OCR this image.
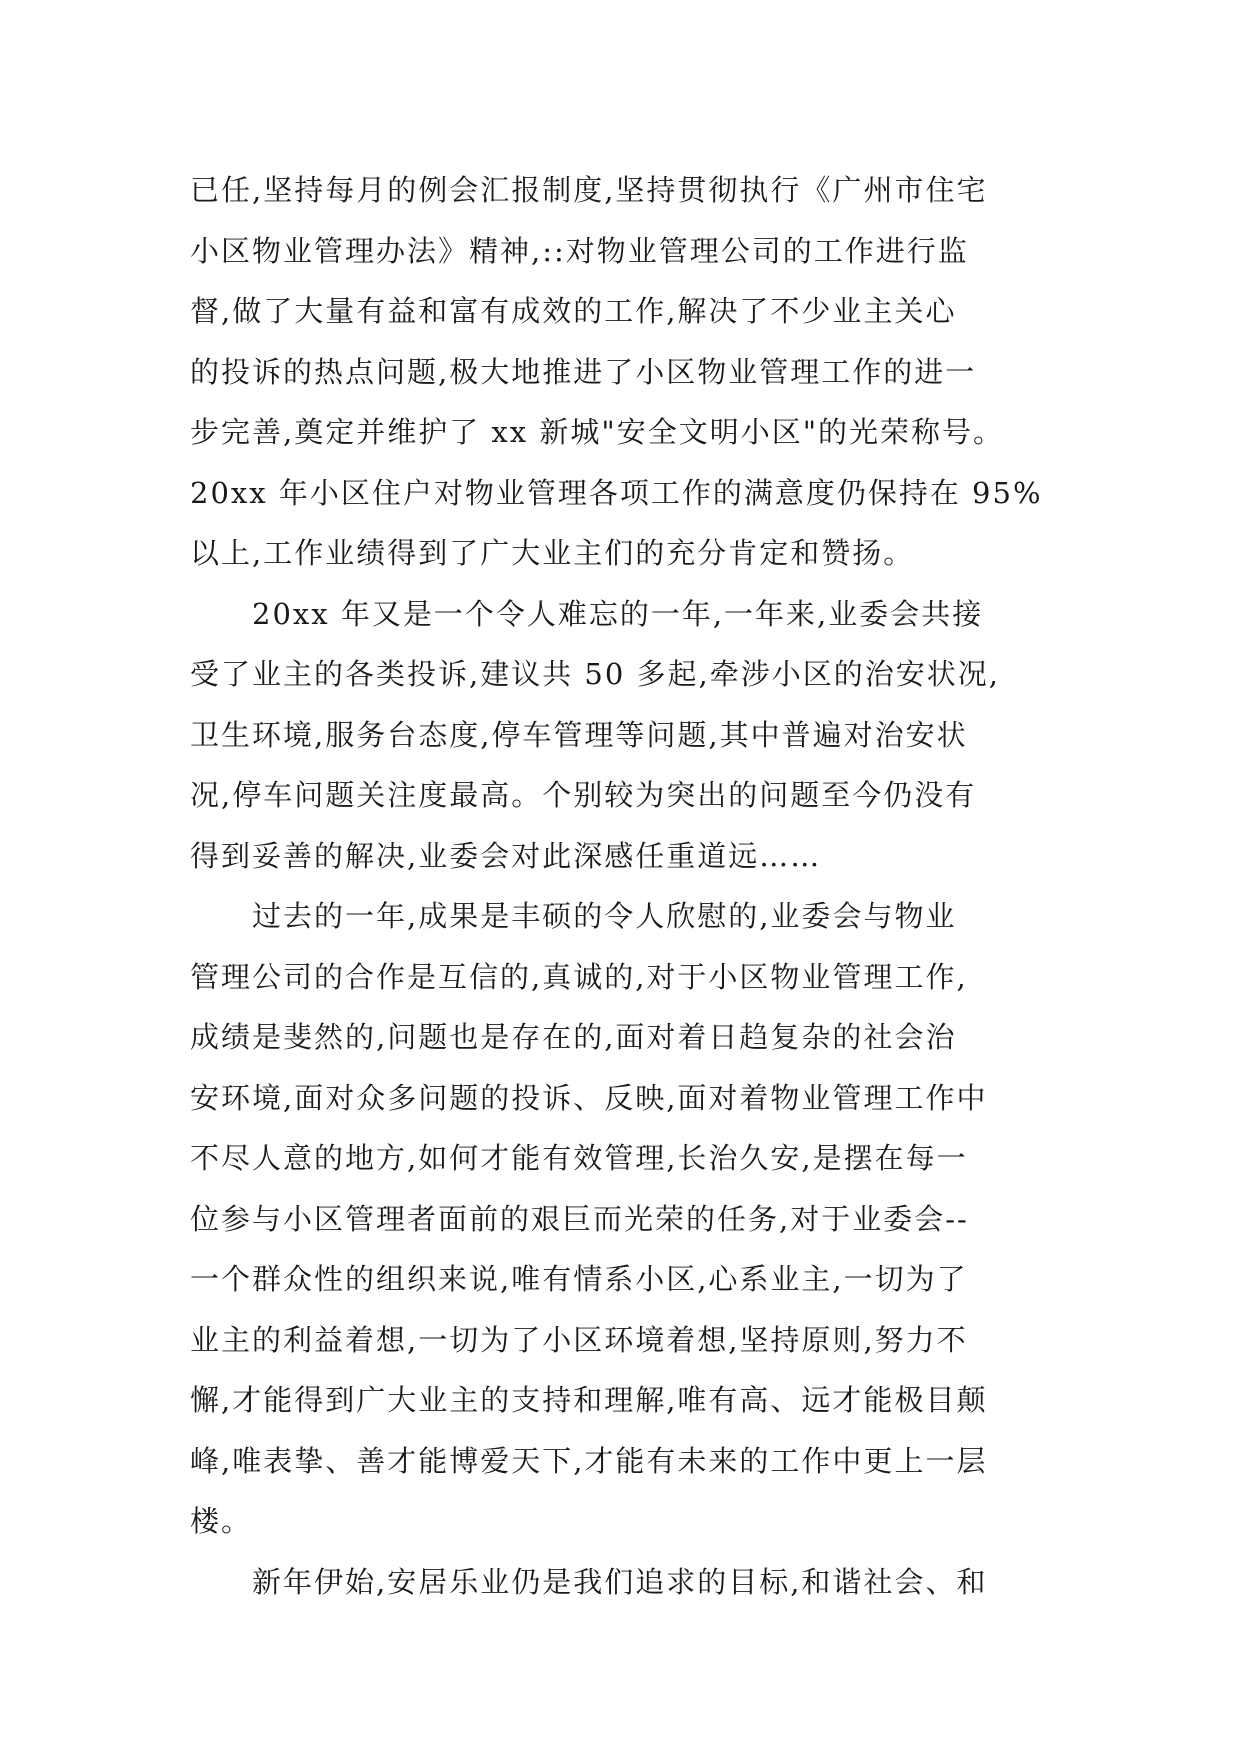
已任,坚持每月的例会汇报制度,坚持贯彻执行《广州市住宅
小区物业管理办法》精神,::对物业管理公司的工作进行监
督,做了大量有益和富有成效的工作,解决了不少业主关心
的投诉的热点问题,极大地推进了小区物业管理工作的进一
步完善,奠定并维护了 xx 新城"安全文明小区"的光荣称号。
20xx 年小区住户对物业管理各项工作的满意度仍保持在 95%
以上,工作业绩得到了广大业主们的充分肯定和赞扬。
　　20xx 年又是一个令人难忘的一年,一年来,业委会共接
受了业主的各类投诉,建议共 50 多起,牵涉小区的治安状况,
卫生环境,服务台态度,停车管理等问题,其中普遍对治安状
况,停车问题关注度最高。个别较为突出的问题至今仍没有
得到妥善的解决,业委会对此深感任重道远……
　　过去的一年,成果是丰硕的令人欣慰的,业委会与物业
管理公司的合作是互信的,真诚的,对于小区物业管理工作,
成绩是斐然的,问题也是存在的,面对着日趋复杂的社会治
安环境,面对众多问题的投诉、反映,面对着物业管理工作中
不尽人意的地方,如何才能有效管理,长治久安,是摆在每一
位参与小区管理者面前的艰巨而光荣的任务,对于业委会--
一个群众性的组织来说,唯有情系小区,心系业主,一切为了
业主的利益着想,一切为了小区环境着想,坚持原则,努力不
懈,才能得到广大业主的支持和理解,唯有高、远才能极目颠
峰,唯表挚、善才能博爱天下,才能有未来的工作中更上一层
楼。
　　新年伊始,安居乐业仍是我们追求的目标,和谐社会、和
